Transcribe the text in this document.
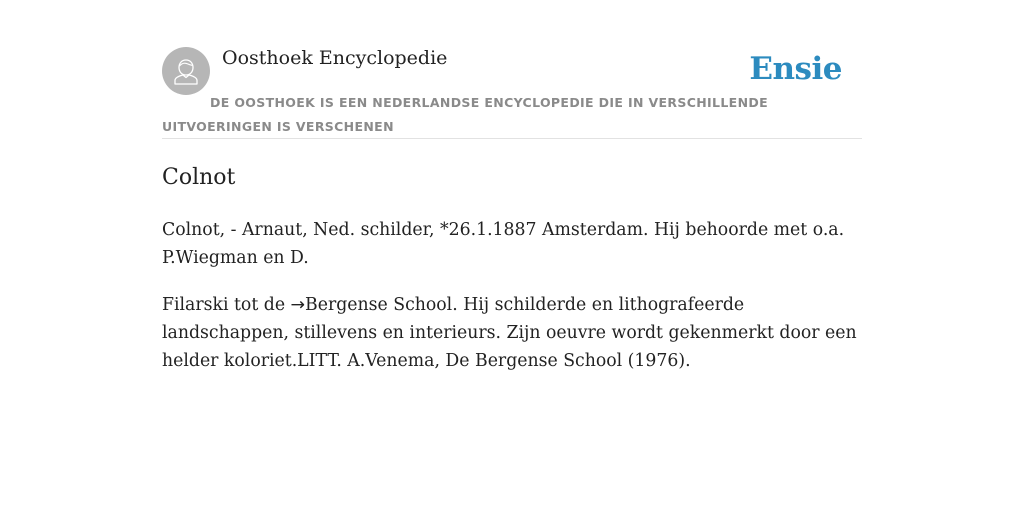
Oosthoek Encyclopedie	Ensie
DE OOSTHOEK IS EEN NEDERLANDSE ENCYCLOPEDIE DIE IN VERSCHILLENDE UITVOERINGEN IS VERSCHENEN
Colnot

Colnot, - Arnaut, Ned. schilder, *26.1.1887 Amsterdam. Hij behoorde met o.a. P.Wiegman en D.

Filarski tot de →Bergense School. Hij schilderde en lithografeerde landschappen, stillevens en interieurs. Zijn oeuvre wordt gekenmerkt door een helder koloriet.LITT. A.Venema, De Bergense School (1976).
